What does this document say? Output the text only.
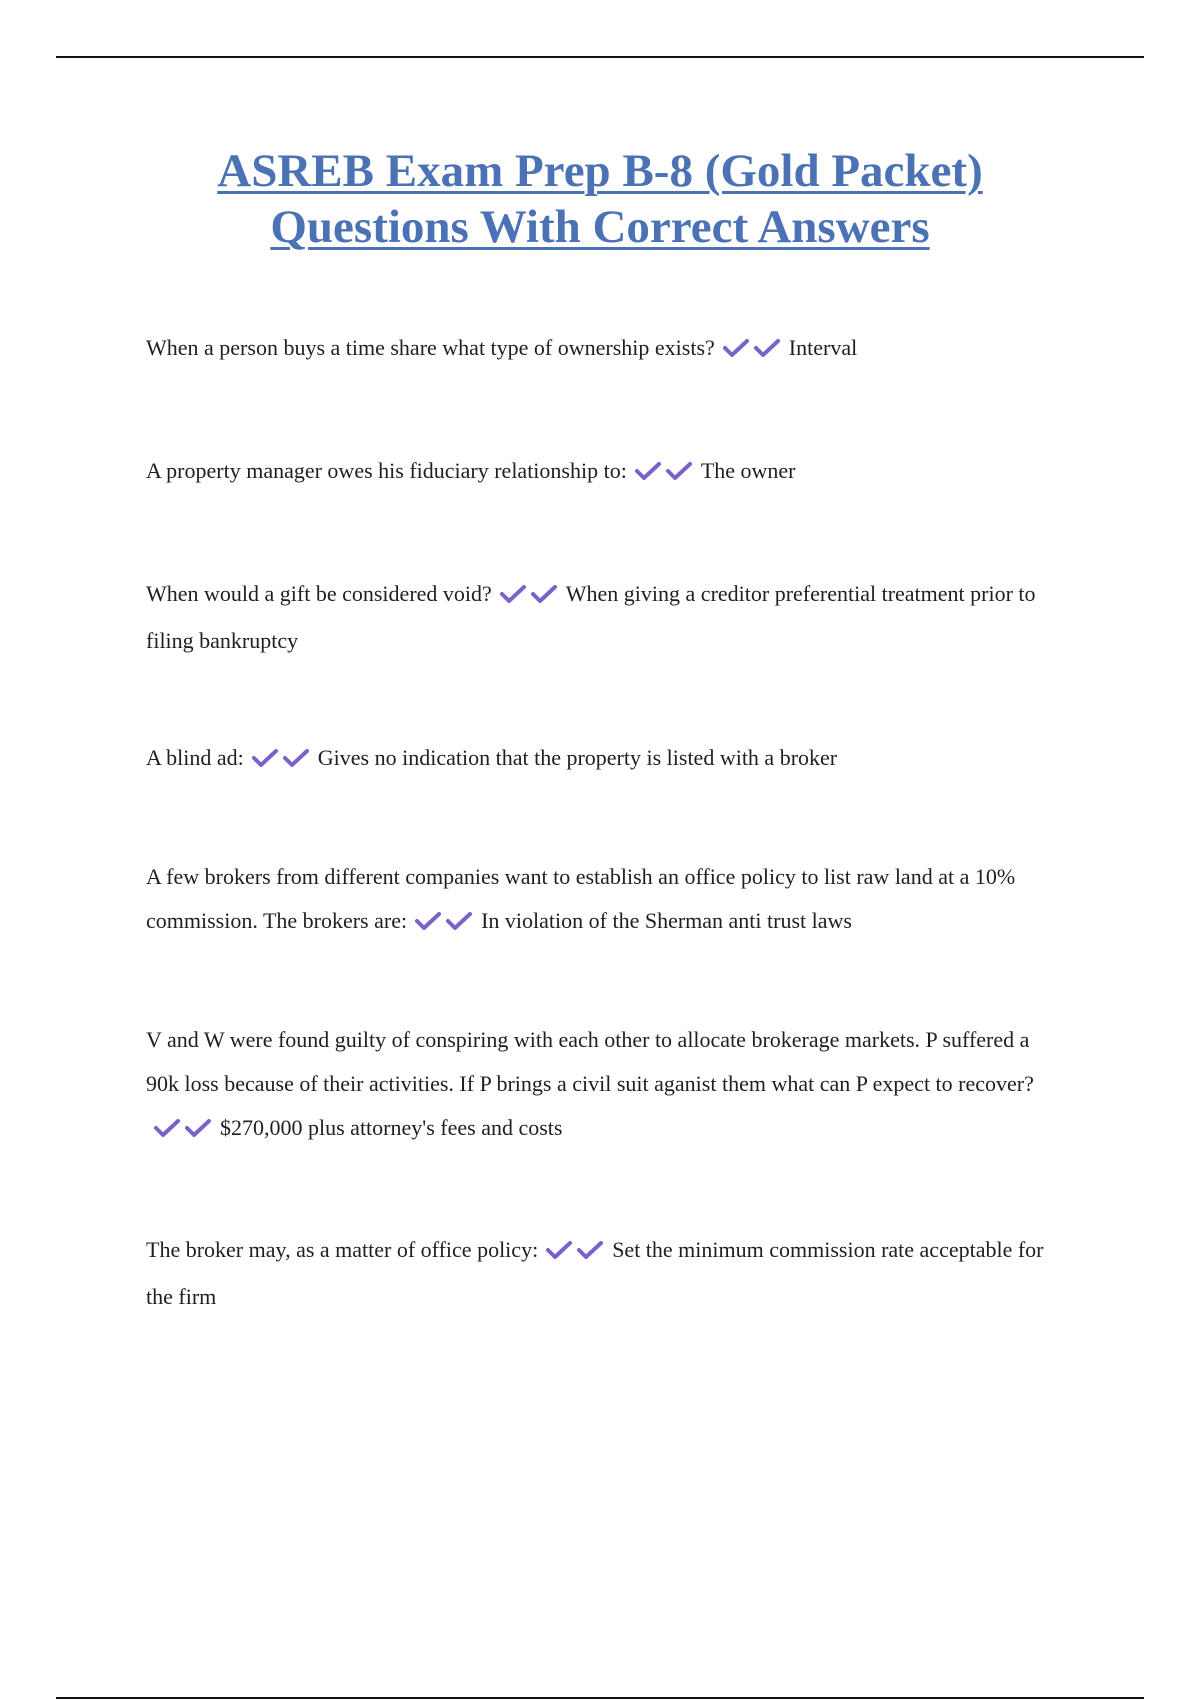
ASREB Exam Prep B-8 (Gold Packet)
Questions With Correct Answers

When a person buys a time share what type of ownership exists?	Interval

A property manager owes his fiduciary relationship to:	The owner

When would a gift be considered void?	When giving a creditor preferential treatment prior to filing bankruptcy

A blind ad:	Gives no indication that the property is listed with a broker

A few brokers from different companies want to establish an office policy to list raw land at a 10% commission. The brokers are:	In violation of the Sherman anti trust laws

V and W were found guilty of conspiring with each other to allocate brokerage markets. P suffered a 90k loss because of their activities. If P brings a civil suit aganist them what can P expect to recover?
$270,000 plus attorney's fees and costs

The broker may, as a matter of office policy:	Set the minimum commission rate acceptable for the firm
